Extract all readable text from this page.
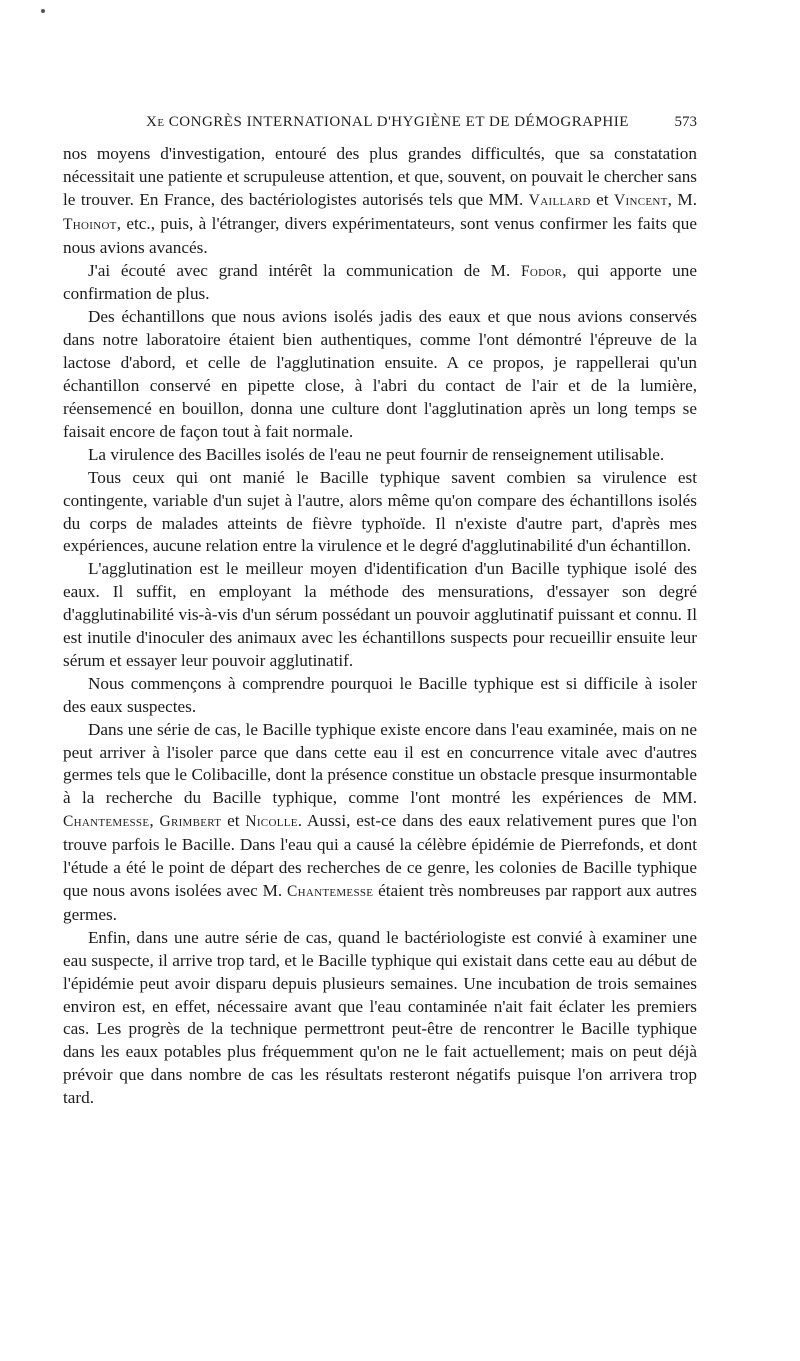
Xe CONGRÈS INTERNATIONAL D'HYGIÈNE ET DE DÉMOGRAPHIE	573

nos moyens d'investigation, entouré des plus grandes difficultés, que sa constatation nécessitait une patiente et scrupuleuse attention, et que, souvent, on pouvait le chercher sans le trouver. En France, des bactériologistes autorisés tels que MM. Vaillard et Vincent, M. Thoinot, etc., puis, à l'étranger, divers expérimentateurs, sont venus confirmer les faits que nous avions avancés.

J'ai écouté avec grand intérêt la communication de M. Fodor, qui apporte une confirmation de plus.

Des échantillons que nous avions isolés jadis des eaux et que nous avions conservés dans notre laboratoire étaient bien authentiques, comme l'ont démontré l'épreuve de la lactose d'abord, et celle de l'agglutination ensuite. A ce propos, je rappellerai qu'un échantillon conservé en pipette close, à l'abri du contact de l'air et de la lumière, réensemencé en bouillon, donna une culture dont l'agglutination après un long temps se faisait encore de façon tout à fait normale.

La virulence des Bacilles isolés de l'eau ne peut fournir de renseignement utilisable.

Tous ceux qui ont manié le Bacille typhique savent combien sa virulence est contingente, variable d'un sujet à l'autre, alors même qu'on compare des échantillons isolés du corps de malades atteints de fièvre typhoïde. Il n'existe d'autre part, d'après mes expériences, aucune relation entre la virulence et le degré d'agglutinabilité d'un échantillon.

L'agglutination est le meilleur moyen d'identification d'un Bacille typhique isolé des eaux. Il suffit, en employant la méthode des mensurations, d'essayer son degré d'agglutinabilité vis-à-vis d'un sérum possédant un pouvoir agglutinatif puissant et connu. Il est inutile d'inoculer des animaux avec les échantillons suspects pour recueillir ensuite leur sérum et essayer leur pouvoir agglutinatif.

Nous commençons à comprendre pourquoi le Bacille typhique est si difficile à isoler des eaux suspectes.

Dans une série de cas, le Bacille typhique existe encore dans l'eau examinée, mais on ne peut arriver à l'isoler parce que dans cette eau il est en concurrence vitale avec d'autres germes tels que le Colibacille, dont la présence constitue un obstacle presque insurmontable à la recherche du Bacille typhique, comme l'ont montré les expériences de MM. Chantemesse, Grimbert et Nicolle. Aussi, est-ce dans des eaux relativement pures que l'on trouve parfois le Bacille. Dans l'eau qui a causé la célèbre épidémie de Pierrefonds, et dont l'étude a été le point de départ des recherches de ce genre, les colonies de Bacille typhique que nous avons isolées avec M. Chantemesse étaient très nombreuses par rapport aux autres germes.

Enfin, dans une autre série de cas, quand le bactériologiste est convié à examiner une eau suspecte, il arrive trop tard, et le Bacille typhique qui existait dans cette eau au début de l'épidémie peut avoir disparu depuis plusieurs semaines. Une incubation de trois semaines environ est, en effet, nécessaire avant que l'eau contaminée n'ait fait éclater les premiers cas. Les progrès de la technique permettront peut-être de rencontrer le Bacille typhique dans les eaux potables plus fréquemment qu'on ne le fait actuellement; mais on peut déjà prévoir que dans nombre de cas les résultats resteront négatifs puisque l'on arrivera trop tard.
